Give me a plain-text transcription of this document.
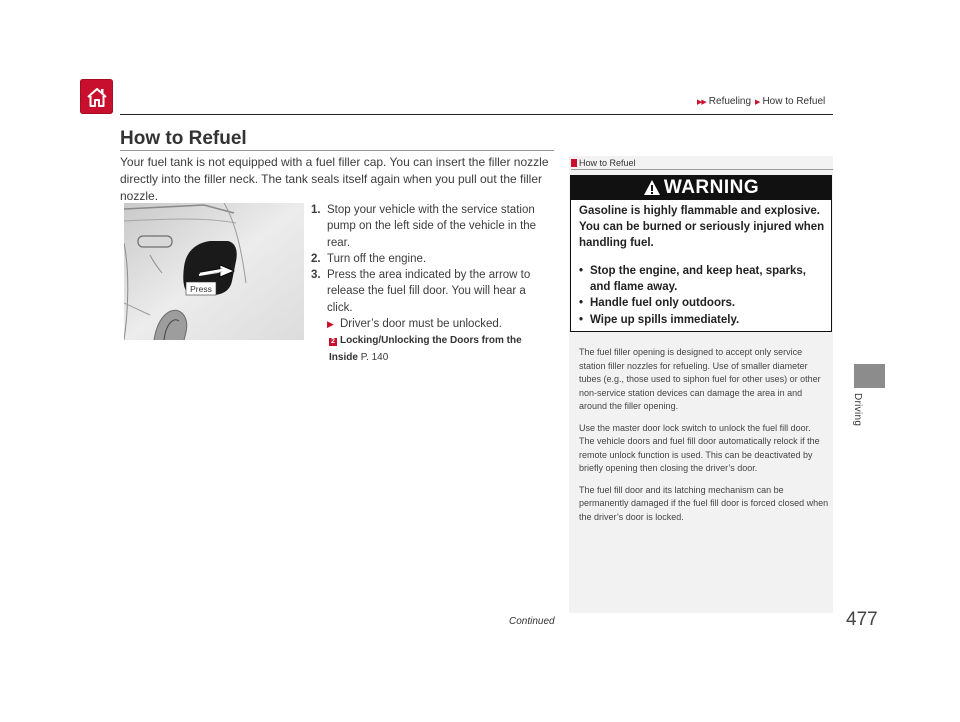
▶▶ Refueling ▶ How to Refuel
Driving
How to Refuel
Your fuel tank is not equipped with a fuel filler cap. You can insert the filler nozzle directly into the filler neck. The tank seals itself again when you pull out the filler nozzle.
Press

1. Stop your vehicle with the service station pump on the left side of the vehicle in the rear.

2. Turn off the engine.

3. Press the area indicated by the arrow to release the fuel fill door. You will hear a click.

▶ Driver’s door must be unlocked.
2 Locking/Unlocking the Doors from the Inside P. 140
How to Refuel
WARNING
Gasoline is highly flammable and explosive. You can be burned or seriously injured when handling fuel.
• Stop the engine, and keep heat, sparks, and flame away.
• Handle fuel only outdoors.
• Wipe up spills immediately.

The fuel filler opening is designed to accept only service station filler nozzles for refueling. Use of smaller diameter tubes (e.g., those used to siphon fuel for other uses) or other non-service station devices can damage the area in and around the filler opening.

Use the master door lock switch to unlock the fuel fill door.
The vehicle doors and fuel fill door automatically relock if the remote unlock function is used. This can be deactivated by briefly opening then closing the driver’s door.

The fuel fill door and its latching mechanism can be permanently damaged if the fuel fill door is forced closed when the driver’s door is locked.

Continued	477
